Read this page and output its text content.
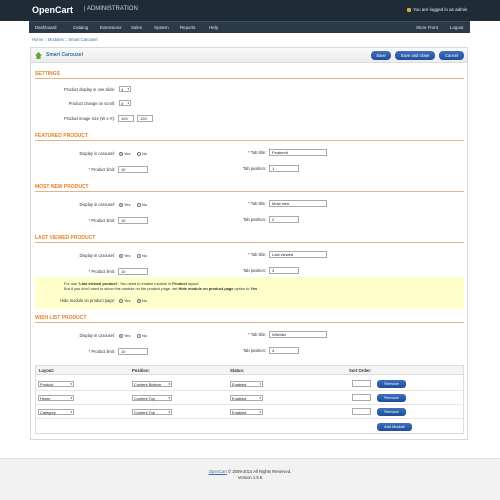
OpenCart | ADMINISTRATION	You are logged in as admin
Dashboard	Catalog	Extensions Sales	System	Reports	Help	Store Front	Logout
Home :: Modules :: Smart Carousel
Smart Carousel	Save	Save and close	Cancel
SETTINGS
Product display in one slide:	4 ▾
Product change on scroll:	4 ▾
Product image size (W x H):	120	120
FEATURED PRODUCT
Display in carousel:	Yes	No	* Tab title:	Featured
* Product limit:	10	Tab position:	1
MOST NEW PRODUCT
Display in carousel:	Yes	No	* Tab title:	Most new
* Product limit:	10	Tab position:	2
LAST VIEWED PRODUCT
Display in carousel:	Yes	No	* Tab title:	Last viewed
* Product limit:	10	Tab position:	3
For use 'Last viewed product', You need to enable module in Product layout.
But if you don't want to show this module on the product page, set Hide module on product page option to Yes
Hide module on product page:	Yes	No
WISH LIST PRODUCT
Display in carousel:	Yes	No	* Tab title:	Wishlist
* Product limit:	10	Tab position:	4
Layout:	Position:	Status:	Sort Order:
Product	▾	Content Bottom ▾	Enabled	▾	Remove
Home	▾	Content Top	▾	Enabled	▾	Remove
Category	▾	Content Top	▾	Enabled	▾	Remove
Add Module
OpenCart © 2009-2014 All Rights Reserved.
Version 1.5.6
